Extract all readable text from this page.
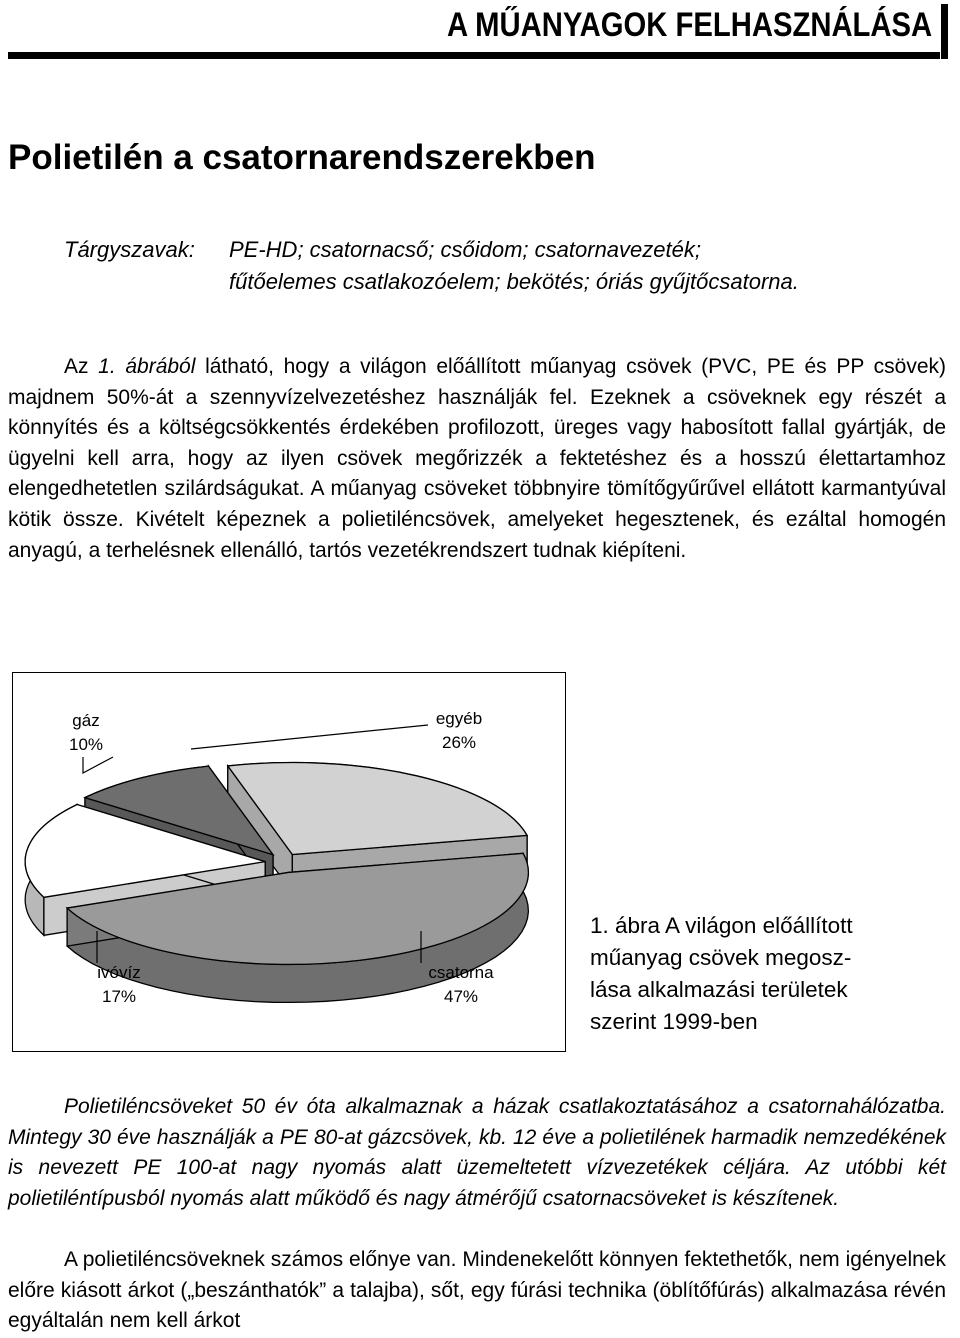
A MŰANYAGOK FELHASZNÁLÁSA
Polietilén a csatornarendszerekben
Tárgyszavak: PE-HD; csatornacső; csőidom; csatornavezeték;
fűtőelemes csatlakozóelem; bekötés; óriás gyűjtőcsatorna.

Az 1. ábrából látható, hogy a világon előállított műanyag csövek (PVC, PE és PP csövek) majdnem 50%-át a szennyvízelvezetéshez használják fel. Ezeknek a csöveknek egy részét a könnyítés és a költségcsökkentés érdekében profilozott, üreges vagy habosított fallal gyártják, de ügyelni kell arra, hogy az ilyen csövek megőrizzék a fektetéshez és a hosszú élettartamhoz elengedhetetlen szilárdságukat. A műanyag csöveket többnyire tömítőgyűrűvel ellátott karmantyúval kötik össze. Kivételt képeznek a polietiléncsövek, amelyeket hegesztenek, és ezáltal homogén anyagú, a terhelésnek ellenálló, tartós vezetékrendszert tudnak kiépíteni.

gáz
10%
egyéb
26%
ivóvíz
17%
csatorna
47%
1. ábra A világon előállított
műanyag csövek megosz-
lása alkalmazási területek
szerint 1999-ben

Polietiléncsöveket 50 év óta alkalmaznak a házak csatlakoztatásához a csatornahálózatba. Mintegy 30 éve használják a PE 80-at gázcsövek, kb. 12 éve a polietilének harmadik nemzedékének is nevezett PE 100-at nagy nyomás alatt üzemeltetett vízvezetékek céljára. Az utóbbi két polietiléntípusból nyomás alatt működő és nagy átmérőjű csatornacsöveket is készítenek.

A polietiléncsöveknek számos előnye van. Mindenekelőtt könnyen fektethetők, nem igényelnek előre kiásott árkot („beszánthatók” a talajba), sőt, egy fúrási technika (öblítőfúrás) alkalmazása révén egyáltalán nem kell árkot
